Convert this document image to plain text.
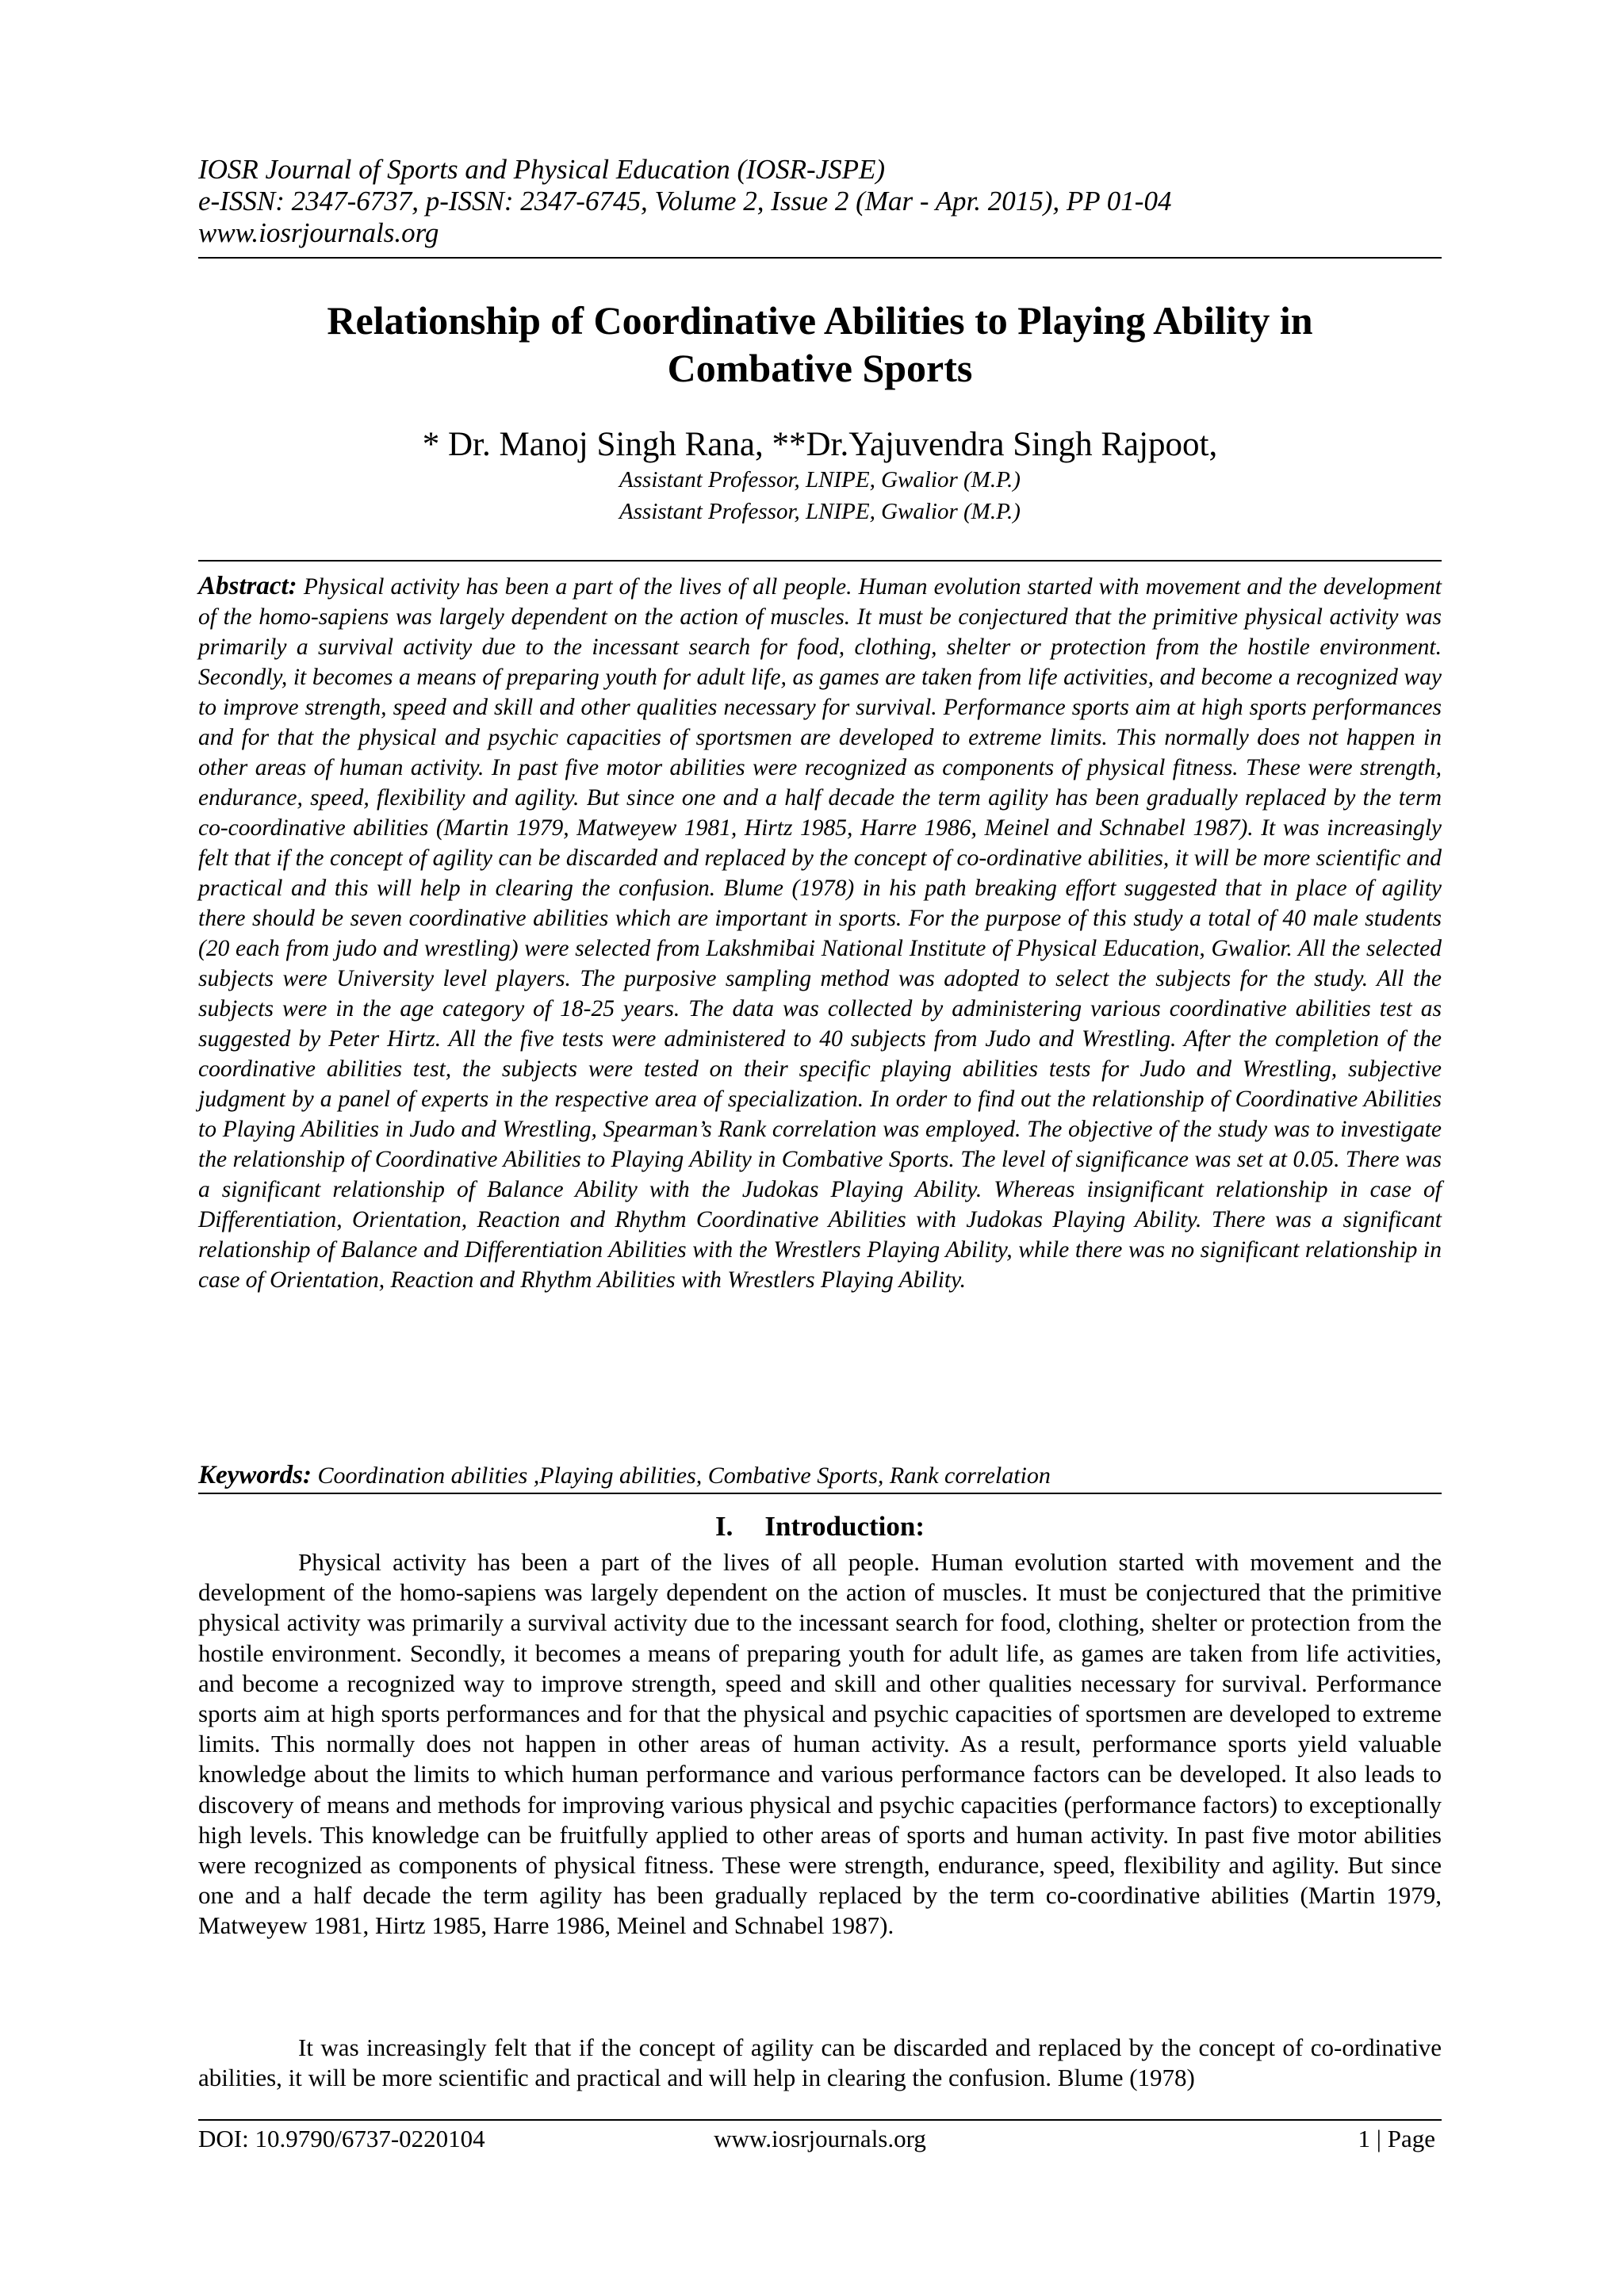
IOSR Journal of Sports and Physical Education (IOSR-JSPE)
e-ISSN: 2347-6737, p-ISSN: 2347-6745, Volume 2, Issue 2 (Mar - Apr. 2015), PP 01-04
www.iosrjournals.org
Relationship of Coordinative Abilities to Playing Ability in
Combative Sports
* Dr. Manoj Singh Rana, **Dr.Yajuvendra Singh Rajpoot,
Assistant Professor, LNIPE, Gwalior (M.P.)
Assistant Professor, LNIPE, Gwalior (M.P.)
Abstract: Physical activity has been a part of the lives of all people. Human evolution started with movement and the development of the homo-sapiens was largely dependent on the action of muscles. It must be conjectured that the primitive physical activity was primarily a survival activity due to the incessant search for food, clothing, shelter or protection from the hostile environment. Secondly, it becomes a means of preparing youth for adult life, as games are taken from life activities, and become a recognized way to improve strength, speed and skill and other qualities necessary for survival. Performance sports aim at high sports performances and for that the physical and psychic capacities of sportsmen are developed to extreme limits. This normally does not happen in other areas of human activity. In past five motor abilities were recognized as components of physical fitness. These were strength, endurance, speed, flexibility and agility. But since one and a half decade the term agility has been gradually replaced by the term co-coordinative abilities (Martin 1979, Matweyew 1981, Hirtz 1985, Harre 1986, Meinel and Schnabel 1987). It was increasingly felt that if the concept of agility can be discarded and replaced by the concept of co-ordinative abilities, it will be more scientific and practical and this will help in clearing the confusion. Blume (1978) in his path breaking effort suggested that in place of agility there should be seven coordinative abilities which are important in sports. For the purpose of this study a total of 40 male students (20 each from judo and wrestling) were selected from Lakshmibai National Institute of Physical Education, Gwalior. All the selected subjects were University level players. The purposive sampling method was adopted to select the subjects for the study. All the subjects were in the age category of 18-25 years. The data was collected by administering various coordinative abilities test as suggested by Peter Hirtz. All the five tests were administered to 40 subjects from Judo and Wrestling. After the completion of the coordinative abilities test, the subjects were tested on their specific playing abilities tests for Judo and Wrestling, subjective judgment by a panel of experts in the respective area of specialization. In order to find out the relationship of Coordinative Abilities to Playing Abilities in Judo and Wrestling, Spearman’s Rank correlation was employed. The objective of the study was to investigate the relationship of Coordinative Abilities to Playing Ability in Combative Sports. The level of significance was set at 0.05. There was a significant relationship of Balance Ability with the Judokas Playing Ability. Whereas insignificant relationship in case of Differentiation, Orientation, Reaction and Rhythm Coordinative Abilities with Judokas Playing Ability. There was a significant relationship of Balance and Differentiation Abilities with the Wrestlers Playing Ability, while there was no significant relationship in case of Orientation, Reaction and Rhythm Abilities with Wrestlers Playing Ability.
Keywords: Coordination abilities ,Playing abilities, Combative Sports, Rank correlation
I. Introduction:

Physical activity has been a part of the lives of all people. Human evolution started with movement and the development of the homo-sapiens was largely dependent on the action of muscles. It must be conjectured that the primitive physical activity was primarily a survival activity due to the incessant search for food, clothing, shelter or protection from the hostile environment. Secondly, it becomes a means of preparing youth for adult life, as games are taken from life activities, and become a recognized way to improve strength, speed and skill and other qualities necessary for survival. Performance sports aim at high sports performances and for that the physical and psychic capacities of sportsmen are developed to extreme limits. This normally does not happen in other areas of human activity. As a result, performance sports yield valuable knowledge about the limits to which human performance and various performance factors can be developed. It also leads to discovery of means and methods for improving various physical and psychic capacities (performance factors) to exceptionally high levels. This knowledge can be fruitfully applied to other areas of sports and human activity. In past five motor abilities were recognized as components of physical fitness. These were strength, endurance, speed, flexibility and agility. But since one and a half decade the term agility has been gradually replaced by the term co-coordinative abilities (Martin 1979, Matweyew 1981, Hirtz 1985, Harre 1986, Meinel and Schnabel 1987).

It was increasingly felt that if the concept of agility can be discarded and replaced by the concept of co-ordinative abilities, it will be more scientific and practical and will help in clearing the confusion. Blume (1978)

DOI: 10.9790/6737-0220104	www.iosrjournals.org	1 | Page
